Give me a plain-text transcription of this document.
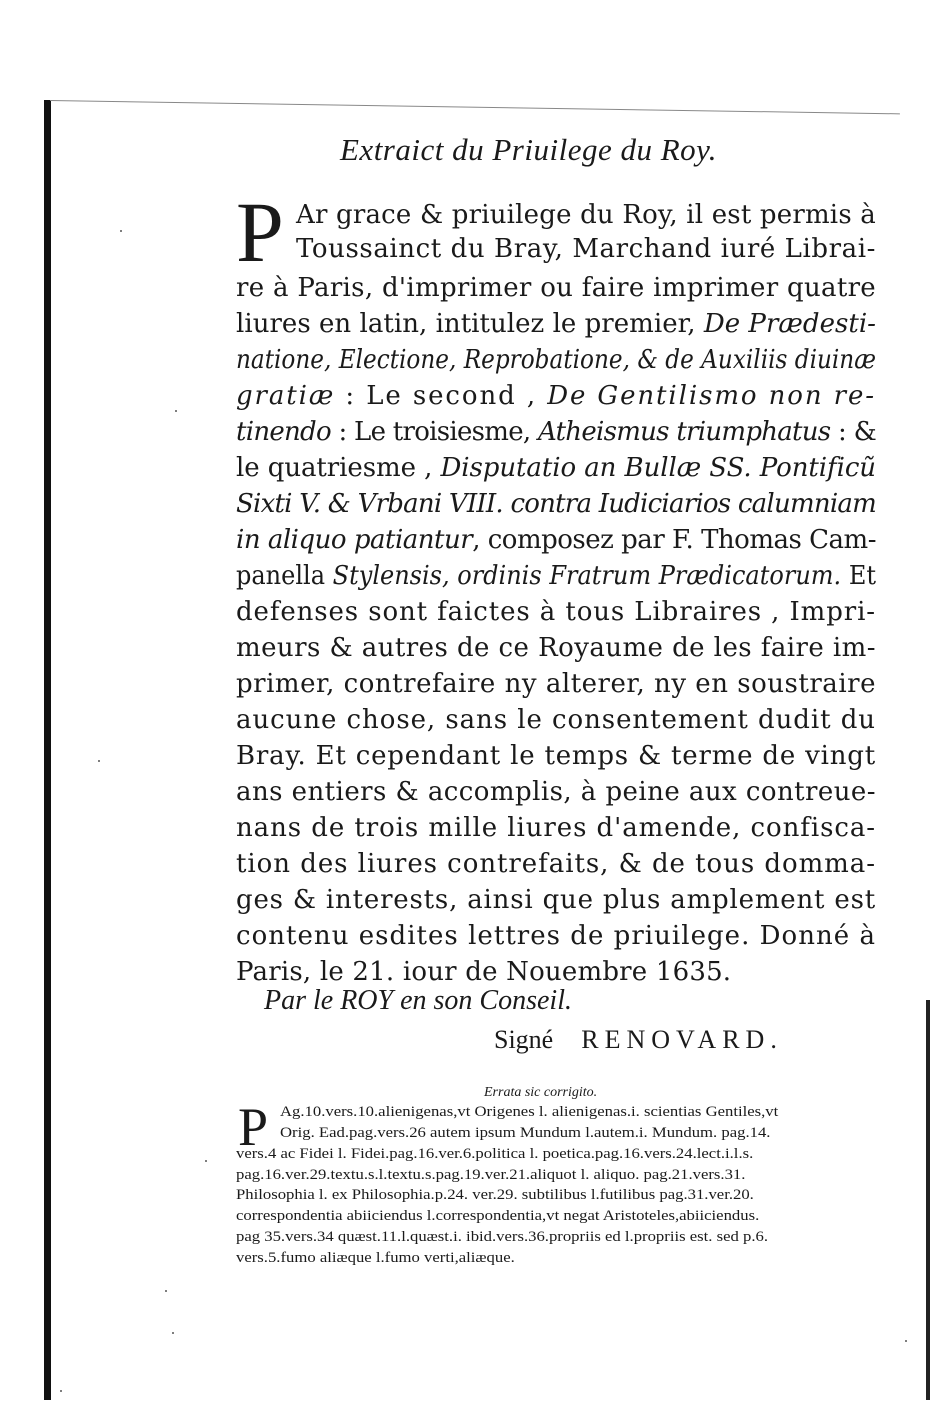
Extraict du Priuilege du Roy.
P Ar grace & priuilege du Roy, il est permis à
Toussainct du Bray, Marchand iuré Librai-
re à Paris, d'imprimer ou faire imprimer quatre
liures en latin, intitulez le premier, De Prædesti-
natione, Electione, Reprobatione, & de Auxiliis diuinæ
gratiæ : Le second , De Gentilismo non re-
tinendo : Le troisiesme, Atheismus triumphatus : &
le quatriesme , Disputatio an Bullæ SS. Pontificũ
Sixti V. & Vrbani VIII. contra Iudiciarios calumniam
in aliquo patiantur, composez par F. Thomas Cam-
panella Stylensis, ordinis Fratrum Prædicatorum. Et
defenses sont faictes à tous Libraires , Impri-
meurs & autres de ce Royaume de les faire im-
primer, contrefaire ny alterer, ny en soustraire
aucune chose, sans le consentement dudit du
Bray. Et cependant le temps & terme de vingt
ans entiers & accomplis, à peine aux contreue-
nans de trois mille liures d'amende, confisca-
tion des liures contrefaits, & de tous domma-
ges & interests, ainsi que plus amplement est
contenu esdites lettres de priuilege. Donné à
Paris, le 21. iour de Nouembre 1635.
Par le ROY en son Conseil.
Signé RENOVARD.
Errata sic corrigito.
P Ag.10.vers.10.alienigenas,vt Origenes l. alienigenas.i. scientias Gentiles,vt
Orig. Ead.pag.vers.26 autem ipsum Mundum l.autem.i. Mundum. pag.14.
vers.4 ac Fidei l. Fidei.pag.16.ver.6.politica l. poetica.pag.16.vers.24.lect.i.l.s.
pag.16.ver.29.textu.s.l.textu.s.pag.19.ver.21.aliquot l. aliquo. pag.21.vers.31.
Philosophia l. ex Philosophia.p.24. ver.29. subtilibus l.futilibus pag.31.ver.20.
correspondentia abiiciendus l.correspondentia,vt negat Aristoteles,abiiciendus.
pag 35.vers.34 quæst.11.l.quæst.i. ibid.vers.36.propriis ed l.propriis est. sed p.6.
vers.5.fumo aliæque l.fumo verti,aliæque.
